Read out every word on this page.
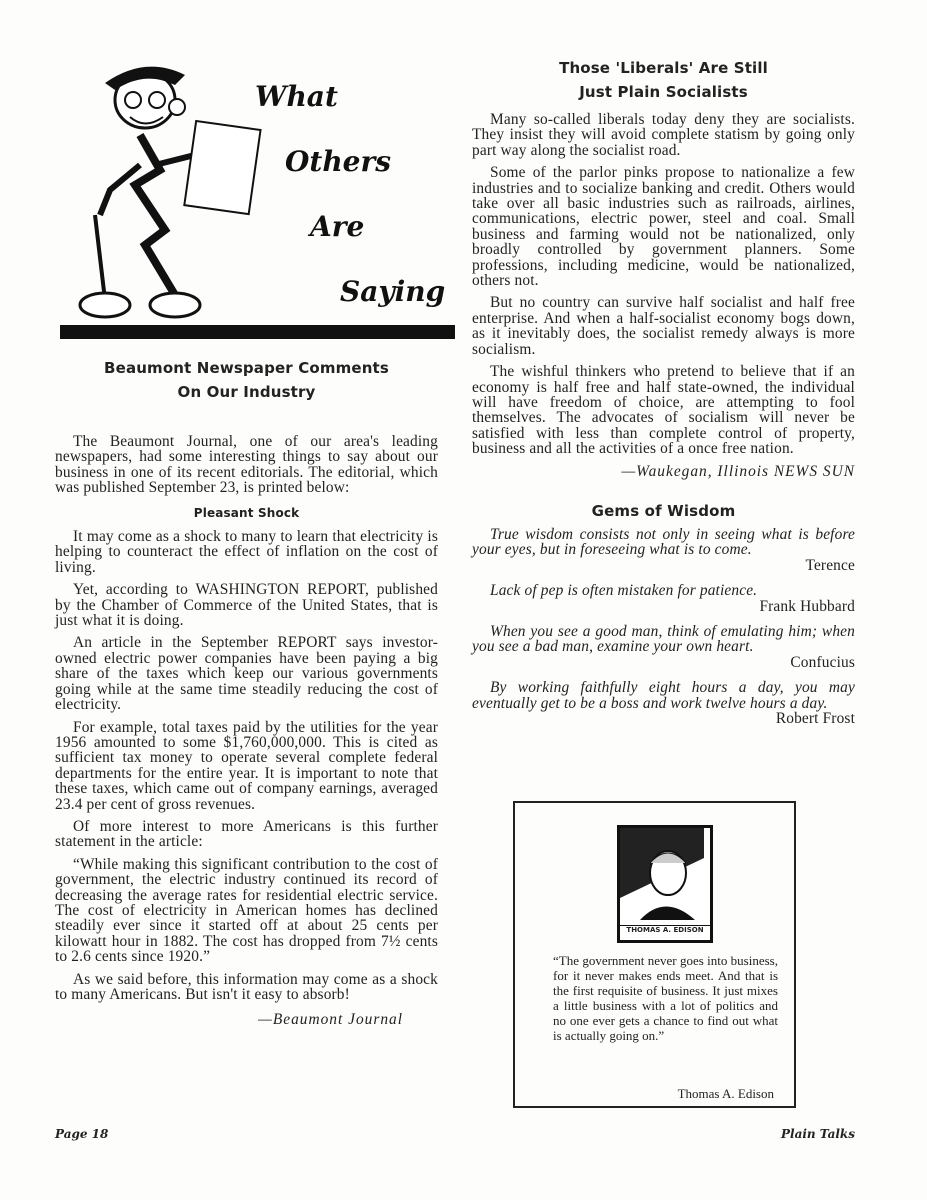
What
Others
Are
Saying
Beaumont Newspaper Comments
On Our Industry

The Beaumont Journal, one of our area's leading newspapers, had some interesting things to say about our business in one of its recent editorials. The editorial, which was published September 23, is printed below:

Pleasant Shock

It may come as a shock to many to learn that electricity is helping to counteract the effect of inflation on the cost of living.

Yet, according to WASHINGTON REPORT, published by the Chamber of Commerce of the United States, that is just what it is doing.

An article in the September REPORT says investor-owned electric power companies have been paying a big share of the taxes which keep our various governments going while at the same time steadily reducing the cost of electricity.

For example, total taxes paid by the utilities for the year 1956 amounted to some $1,760,000,000. This is cited as sufficient tax money to operate several complete federal departments for the entire year. It is important to note that these taxes, which came out of company earnings, averaged 23.4 per cent of gross revenues.

Of more interest to more Americans is this further statement in the article:

“While making this significant contribution to the cost of government, the electric industry continued its record of decreasing the average rates for residential electric service. The cost of electricity in American homes has declined steadily ever since it started off at about 25 cents per kilowatt hour in 1882. The cost has dropped from 7½ cents to 2.6 cents since 1920.”

As we said before, this information may come as a shock to many Americans. But isn't it easy to absorb!

—Beaumont Journal
Those 'Liberals' Are Still
Just Plain Socialists

Many so-called liberals today deny they are socialists. They insist they will avoid complete statism by going only part way along the socialist road.

Some of the parlor pinks propose to nationalize a few industries and to socialize banking and credit. Others would take over all basic industries such as railroads, airlines, communications, electric power, steel and coal. Small business and farming would not be nationalized, only broadly controlled by government planners. Some professions, including medicine, would be nationalized, others not.

But no country can survive half socialist and half free enterprise. And when a half-socialist economy bogs down, as it inevitably does, the socialist remedy always is more socialism.

The wishful thinkers who pretend to believe that if an economy is half free and half state-owned, the individual will have freedom of choice, are attempting to fool themselves. The advocates of socialism will never be satisfied with less than complete control of property, business and all the activities of a once free nation.

—Waukegan, Illinois NEWS SUN
Gems of Wisdom

True wisdom consists not only in seeing what is before your eyes, but in foreseeing what is to come.

Terence

Lack of pep is often mistaken for patience.

Frank Hubbard

When you see a good man, think of emulating him; when you see a bad man, examine your own heart.

Confucius

By working faithfully eight hours a day, you may eventually get to be a boss and work twelve hours a day.

Robert Frost
THOMAS A. EDISON
“The government never goes into business, for it never makes ends meet. And that is the first requisite of business. It just mixes a little business with a lot of politics and no one ever gets a chance to find out what is actually going on.”
Thomas A. Edison
Page 18	Plain Talks
